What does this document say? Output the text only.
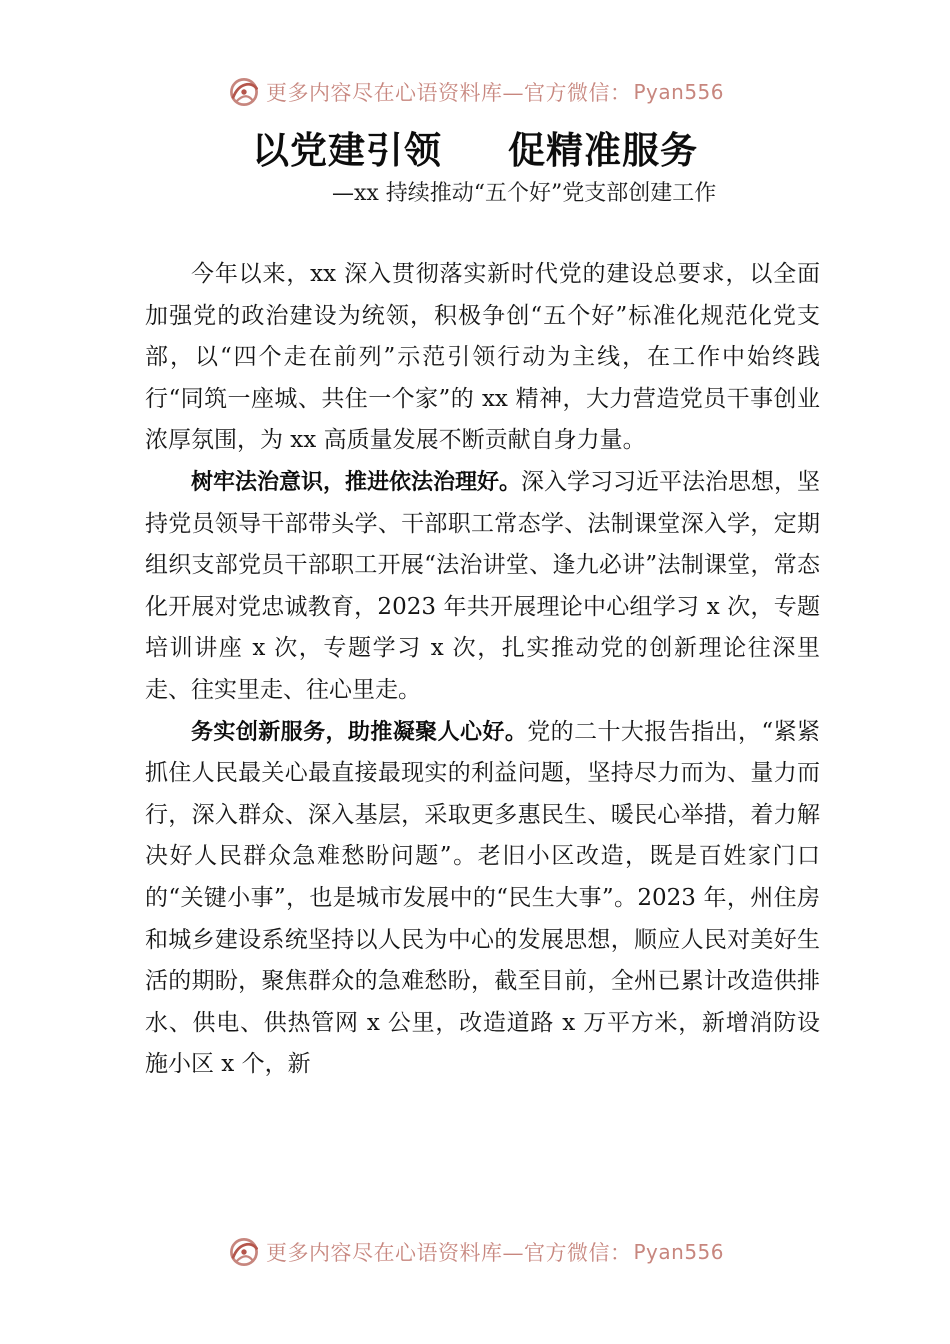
更多内容尽在心语资料库—官方微信： Pyan556
以党建引领 促精准服务
—xx 持续推动“五个好”党支部创建工作

今年以来，xx 深入贯彻落实新时代党的建设总要求，以全面加强党的政治建设为统领，积极争创“五个好”标准化规范化党支部，以“四个走在前列”示范引领行动为主线，在工作中始终践行“同筑一座城、共住一个家”的 xx 精神，大力营造党员干事创业浓厚氛围，为 xx 高质量发展不断贡献自身力量。

树牢法治意识，推进依法治理好。深入学习习近平法治思想，坚持党员领导干部带头学、干部职工常态学、法制课堂深入学，定期组织支部党员干部职工开展“法治讲堂、逢九必讲”法制课堂，常态化开展对党忠诚教育，2023 年共开展理论中心组学习 x 次，专题培训讲座 x 次，专题学习 x 次，扎实推动党的创新理论往深里走、往实里走、往心里走。

务实创新服务，助推凝聚人心好。党的二十大报告指出，“紧紧抓住人民最关心最直接最现实的利益问题，坚持尽力而为、量力而行，深入群众、深入基层，采取更多惠民生、暖民心举措，着力解决好人民群众急难愁盼问题”。老旧小区改造，既是百姓家门口的“关键小事”，也是城市发展中的“民生大事”。2023 年，州住房和城乡建设系统坚持以人民为中心的发展思想，顺应人民对美好生活的期盼，聚焦群众的急难愁盼，截至目前，全州已累计改造供排水、供电、供热管网 x 公里，改造道路 x 万平方米，新增消防设施小区 x 个，新

更多内容尽在心语资料库—官方微信： Pyan556
